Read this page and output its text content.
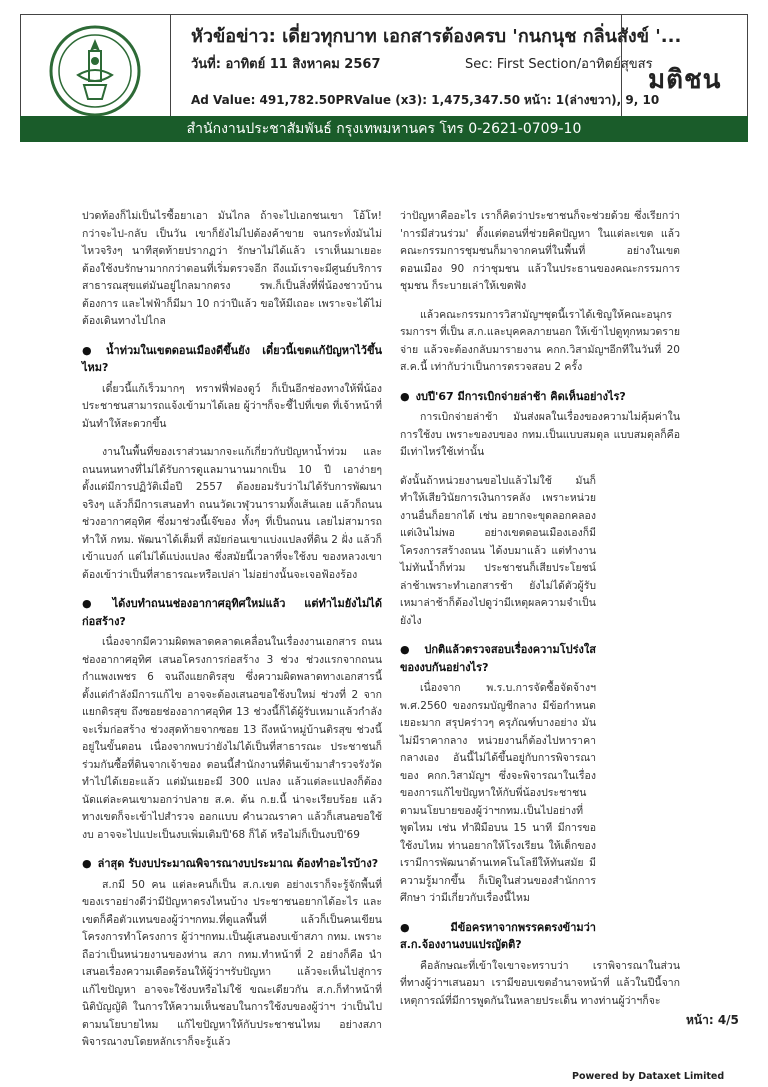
หัวข้อข่าว: เดี่ยวทุกบาท เอกสารต้องครบ 'กนกนุช กลิ่นสังข์ '...
วันที่: อาทิตย์ 11 สิงหาคม 2567	Sec: First Section/อาทิตย์สุขสร
Ad Value: 491,782.50PRValue (x3): 1,475,347.50 หน้า: 1(ล่างขวา), 9, 10
มติชน
สำนักงานประชาสัมพันธ์ กรุงเทพมหานคร โทร 0-2621-0709-10

ปวดท้องก็ไม่เป็นไรซื้อยาเอา มันไกล ถ้าจะไปเอกชนเขา โอ้โห! กว่าจะไป-กลับ เป็นวัน เขาก็ยังไม่ไปต้องค้าขาย จนกระทั่งมันไม่ไหวจริงๆ นาทีสุดท้ายปรากฏว่า รักษาไม่ได้แล้ว เราเห็นมาเยอะ ต้องใช้งบรักษามากกว่าตอนที่เริ่มตรวจอีก ถึงแม้เราจะมีศูนย์บริการสาธารณสุขแต่มันอยู่ไกลมากตรง รพ.ก็เป็นสิ่งที่พี่น้องชาวบ้านต้องการ และไฟฟ้าก็มีมา 10 กว่าปีแล้ว ขอให้มีเถอะ เพราะจะได้ไม่ต้องเดินทางไปไกล

● น้ำท่วมในเขตดอนเมืองดีขึ้นยัง เดี๋ยวนี้เขตแก้ปัญหาไว้ขึ้นไหม?

เดี๋ยวนี้แก้เร็วมากๆ ทราฟฟี่ฟองดูว์ ก็เป็นอีกช่องทางให้พี่น้องประชาชนสามารถแจ้งเข้ามาได้เลย ผู้ว่าฯก็จะชี้ไปที่เขต ที่เจ้าหน้าที่มันทำให้สะดวกขึ้น

งานในพื้นที่ของเราส่วนมากจะแก้เกี่ยวกับปัญหาน้ำท่วม และถนนหนทางที่ไม่ได้รับการดูแลมานานมากเป็น 10 ปี เอาง่ายๆ ตั้งแต่มีการปฏิวัติเมื่อปี 2557 ต้องยอมรับว่าไม่ได้รับการพัฒนาจริงๆ แล้วก็มีการเสนอทำ ถนนวัดเวฬุวนารามทั้งเส้นเลย แล้วก็ถนนช่วงอากาศอุทิศ ซึ่งมาช่วงนี้เจ๊ของ ทั้งๆ ที่เป็นถนน เลยไม่สามารถทำให้ กทม. พัฒนาได้เต็มที่ สมัยก่อนเขาแบ่งแปลงที่ดิน 2 ฝั่ง แล้วก็เข้าแบงก์ แต่ไม่ได้แบ่งแปลง ซึ่งสมัยนี้เวลาที่จะใช้งบ ของหลวงเขาต้องเข้าว่าเป็นที่สาธารณะหรือเปล่า ไม่อย่างนั้นจะเจอฟ้องร้อง

● ได้งบทำถนนช่องอากาศอุทิศใหม่แล้ว แต่ทำไมยังไม่ได้ก่อสร้าง?

เนื่องจากมีความผิดพลาดคลาดเคลื่อนในเรื่องงานเอกสาร ถนนช่องอากาศอุทิศ เสนอโครงการก่อสร้าง 3 ช่วง ช่วงแรกจากถนนกำแพงเพชร 6 จนถึงแยกติรสุข ซึ่งความผิดพลาดทางเอกสารนี้ตั้งแต่กำลังมีการแก้ไข อาจจะต้องเสนอขอใช้งบใหม่ ช่วงที่ 2 จากแยกติรสุข ถึงซอยช่องอากาศอุทิศ 13 ช่วงนี้ก็ได้ผู้รับเหมาแล้วกำลังจะเริ่มก่อสร้าง ช่วงสุดท้ายจากซอย 13 ถึงหน้าหมู่บ้านติรสุข ช่วงนี้อยู่ในขั้นตอน เนื่องจากพบว่ายังไม่ได้เป็นที่สาธารณะ ประชาชนก็ร่วมกันซื้อที่ดินจากเจ้าของ ตอนนี้สำนักงานที่ดินเข้ามาสำรวจรังวัด ทำไปได้เยอะแล้ว แต่มันเยอะมี 300 แปลง แล้วแต่ละแปลงก็ต้องนัดแต่ละคนเขามอกว่าปลาย ส.ค. ต้น ก.ย.นี้ น่าจะเรียบร้อย แล้วทางเขตก็จะเข้าไปสำรวจ ออกแบบ คำนวณราคา แล้วก็เสนอขอใช้งบ อาจจะไปแปะเป็นงบเพิ่มเติมปี'68 ก็ได้ หรือไม่ก็เป็นงบปี'69

● ล่าสุด รับงบประมาณพิจารณางบประมาณ ต้องทำอะไรบ้าง?

ส.กมี 50 คน แต่ละคนก็เป็น ส.ก.เขต อย่างเราก็จะรู้จักพื้นที่ของเราอย่างดีว่ามีปัญหาตรงไหนบ้าง ประชาชนอยากได้อะไร และเขตก็คือตัวแทนของผู้ว่าฯกทม.ที่ดูแลพื้นที่ แล้วก็เป็นคนเขียนโครงการทำโครงการ ผู้ว่าฯกทม.เป็นผู้เสนองบเข้าสภา กทม. เพราะถือว่าเป็นหน่วยงานของท่าน สภา กทม.ทำหน้าที่ 2 อย่างก็คือ นำเสนอเรื่องความเดือดร้อนให้ผู้ว่าฯรับปัญหา แล้วจะเห็นไปสู่การแก้ไขปัญหา อาจจะใช้งบหรือไม่ใช้ ขณะเดียวกัน ส.ก.ก็ทำหน้าที่นิติบัญญัติ ในการให้ความเห็นชอบในการใช้งบของผู้ว่าฯ ว่าเป็นไปตามนโยบายไหม แก้ไขปัญหาให้กับประชาชนไหม อย่างสภาพิจารณางบโดยหลักเราก็จะรู้แล้ว

ว่าปัญหาคืออะไร เราก็คิดว่าประชาชนก็จะช่วยด้วย ซึ่งเรียกว่า 'การมีส่วนร่วม' ตั้งแต่ตอนที่ช่วยคิดปัญหา ในแต่ละเขต แล้วคณะกรรมการชุมชนก็มาจากคนที่ในพื้นที่ อย่างในเขตดอนเมือง 90 กว่าชุมชน แล้วในประธานของคณะกรรมการชุมชน ก็ระบายเล่าให้เขตฟัง

แล้วคณะกรรมการวิสามัญฯชุดนี้เราได้เชิญให้คณะอนุกรรมการฯ ที่เป็น ส.ก.และบุคคลภายนอก ให้เข้าไปดูทุกหมวดรายจ่าย แล้วจะต้องกลับมารายงาน คกก.วิสามัญฯอีกทีในวันที่ 20 ส.ค.นี้ เท่ากับว่าเป็นการตรวจสอบ 2 ครั้ง

● งบปี'67 มีการเบิกจ่ายล่าช้า คิดเห็นอย่างไร?

การเบิกจ่ายล่าช้า มันส่งผลในเรื่องของความไม่คุ้มค่าในการใช้งบ เพราะของบของ กทม.เป็นแบบสมดุล แบบสมดุลก็คือมีเท่าไหร่ใช้เท่านั้น

ดังนั้นถ้าหน่วยงานขอไปแล้วไม่ใช้ มันก็ทำให้เสียวินัยการเงินการคลัง เพราะหน่วยงานอื่นก็อยากได้ เช่น อยากจะขุดลอกคลอง แต่เงินไม่พอ อย่างเขตดอนเมืองเองก็มีโครงการสร้างถนน ได้งบมาแล้ว แต่ทำงานไม่ทันน้ำก็ท่วม ประชาชนก็เสียประโยชน์ ล่าช้าเพราะทำเอกสารช้า ยังไม่ได้ตัวผู้รับเหมาล่าช้าก็ต้องไปดูว่ามีเหตุผลความจำเป็นยังไง

● ปกติแล้วตรวจสอบเรื่องความโปร่งใสของงบกันอย่างไร?

เนื่องจาก พ.ร.บ.การจัดซื้อจัดจ้างฯ พ.ศ.2560 ของกรมบัญชีกลาง มีข้อกำหนดเยอะมาก สรุปคร่าวๆ ครุภัณฑ์บางอย่าง มันไม่มีราคากลาง หน่วยงานก็ต้องไปหาราคากลางเอง อันนี้ไม่ได้ขึ้นอยู่กับการพิจารณาของ คกก.วิสามัญฯ ซึ่งจะพิจารณาในเรื่องของการแก้ไขปัญหาให้กับพี่น้องประชาชน ตามนโยบายของผู้ว่าฯกทม.เป็นไปอย่างที่พูดไหม เช่น ทำฝีมือบน 15 นาที มีการขอใช้งบไหม ท่านอยากให้โรงเรียน ให้เด็กของเรามีการพัฒนาด้านเทคโนโลยีให้ทันสมัย มีความรู้มากขึ้น ก็เปิดูในส่วนของสำนักการศึกษา ว่ามีเกี่ยวกับเรื่องนี้ไหม

● มีข้อครหาจากพรรคตรงข้ามว่า ส.ก.จ้องงานงบแปรญัตติ?

คือลักษณะที่เข้าใจเขาจะทราบว่า เราพิจารณาในส่วนที่ทางผู้ว่าฯเสนอมา เรามีขอบเขตอำนาจหน้าที่ แล้วในปีนี้จากเหตุการณ์ที่มีการพูดกันในหลายประเด็น ทางท่านผู้ว่าฯก็จะ

หน้า: 4/5
Powered by Dataxet Limited
